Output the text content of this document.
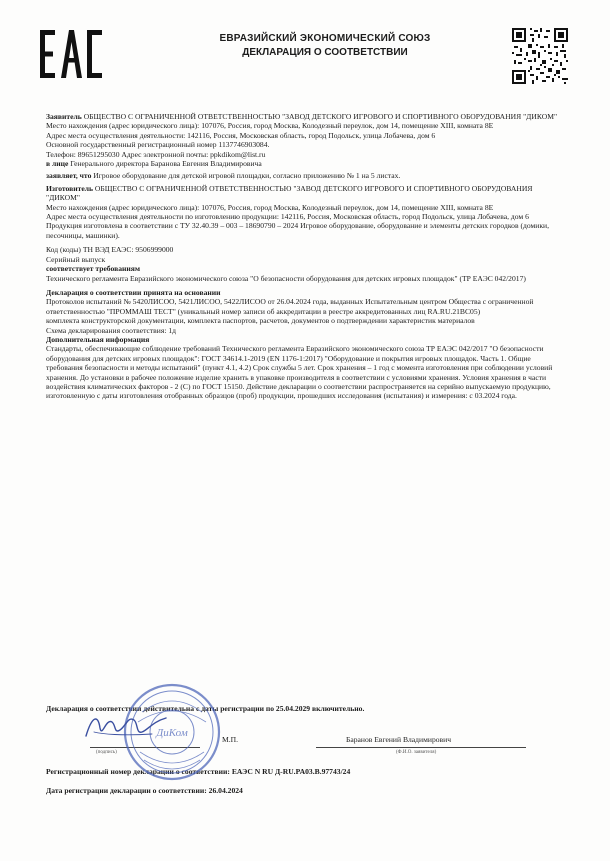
ЕВРАЗИЙСКИЙ ЭКОНОМИЧЕСКИЙ СОЮЗ
ДЕКЛАРАЦИЯ О СООТВЕТСТВИИ

Заявитель ОБЩЕСТВО С ОГРАНИЧЕННОЙ ОТВЕТСТВЕННОСТЬЮ "ЗАВОД ДЕТСКОГО ИГРОВОГО И СПОРТИВНОГО ОБОРУДОВАНИЯ "ДИКОМ"

Место нахождения (адрес юридического лица): 107076, Россия, город Москва, Колодезный переулок, дом 14, помещение XIII, комната 8Е

Адрес места осуществления деятельности: 142116, Россия, Московская область, город Подольск, улица Лобачева, дом 6

Основной государственный регистрационный номер 1137746903084.

Телефон: 89651295030 Адрес электронной почты: ppkdikom@list.ru

в лице Генерального директора Баранова Евгения Владимировича

заявляет, что Игровое оборудование для детской игровой площадки, согласно приложению № 1 на 5 листах.

Изготовитель ОБЩЕСТВО С ОГРАНИЧЕННОЙ ОТВЕТСТВЕННОСТЬЮ "ЗАВОД ДЕТСКОГО ИГРОВОГО И СПОРТИВНОГО ОБОРУДОВАНИЯ "ДИКОМ"

Место нахождения (адрес юридического лица): 107076, Россия, город Москва, Колодезный переулок, дом 14, помещение XIII, комната 8Е

Адрес места осуществления деятельности по изготовлению продукции: 142116, Россия, Московская область, город Подольск, улица Лобачева, дом 6

Продукция изготовлена в соответствии с ТУ 32.40.39 – 003 – 18690790 – 2024 Игровое оборудование, оборудование и элементы детских городков (домики, песочницы, машинки).

Код (коды) ТН ВЭД ЕАЭС: 9506999000

Серийный выпуск

соответствует требованиям

Технического регламента Евразийского экономического союза "О безопасности оборудования для детских игровых площадок" (ТР ЕАЭС 042/2017)

Декларация о соответствии принята на основании

Протоколов испытаний № 5420ЛИСОО, 5421ЛИСОО, 5422ЛИСОО от 26.04.2024 года, выданных Испытательным центром Общества с ограниченной ответственностью "ПРОММАШ ТЕСТ" (уникальный номер записи об аккредитации в реестре аккредитованных лиц RA.RU.21ВС05)

комплекта конструкторской документации, комплекта паспортов, расчетов, документов о подтверждении характеристик материалов

Схема декларирования соответствия: 1д

Дополнительная информация

Стандарты, обеспечивающие соблюдение требований Технического регламента Евразийского экономического союза ТР ЕАЭС 042/2017 "О безопасности оборудования для детских игровых площадок": ГОСТ 34614.1-2019 (EN 1176-1:2017) "Оборудование и покрытия игровых площадок. Часть 1. Общие требования безопасности и методы испытаний" (пункт 4.1, 4.2) Срок службы 5 лет. Срок хранения – 1 год с момента изготовления при соблюдении условий хранения. До установки в рабочее положение изделие хранить в упаковке производителя в соответствии с условиями хранения. Условия хранения в части воздействия климатических факторов - 2 (С) по ГОСТ 15150. Действие декларации о соответствии распространяется на серийно выпускаемую продукцию, изготовленную с даты изготовления отобранных образцов (проб) продукции, прошедших исследования (испытания) и измерения: с 03.2024 года.

Декларация о соответствии действительна с даты регистрации по 25.04.2029 включительно.

(подпись)
М.П.	Баранов Евгений Владимирович
(Ф.И.О. заявителя)

Регистрационный номер декларации о соответствии: ЕАЭС N RU Д-RU.PA03.B.97743/24

Дата регистрации декларации о соответствии: 26.04.2024

ДиКом
